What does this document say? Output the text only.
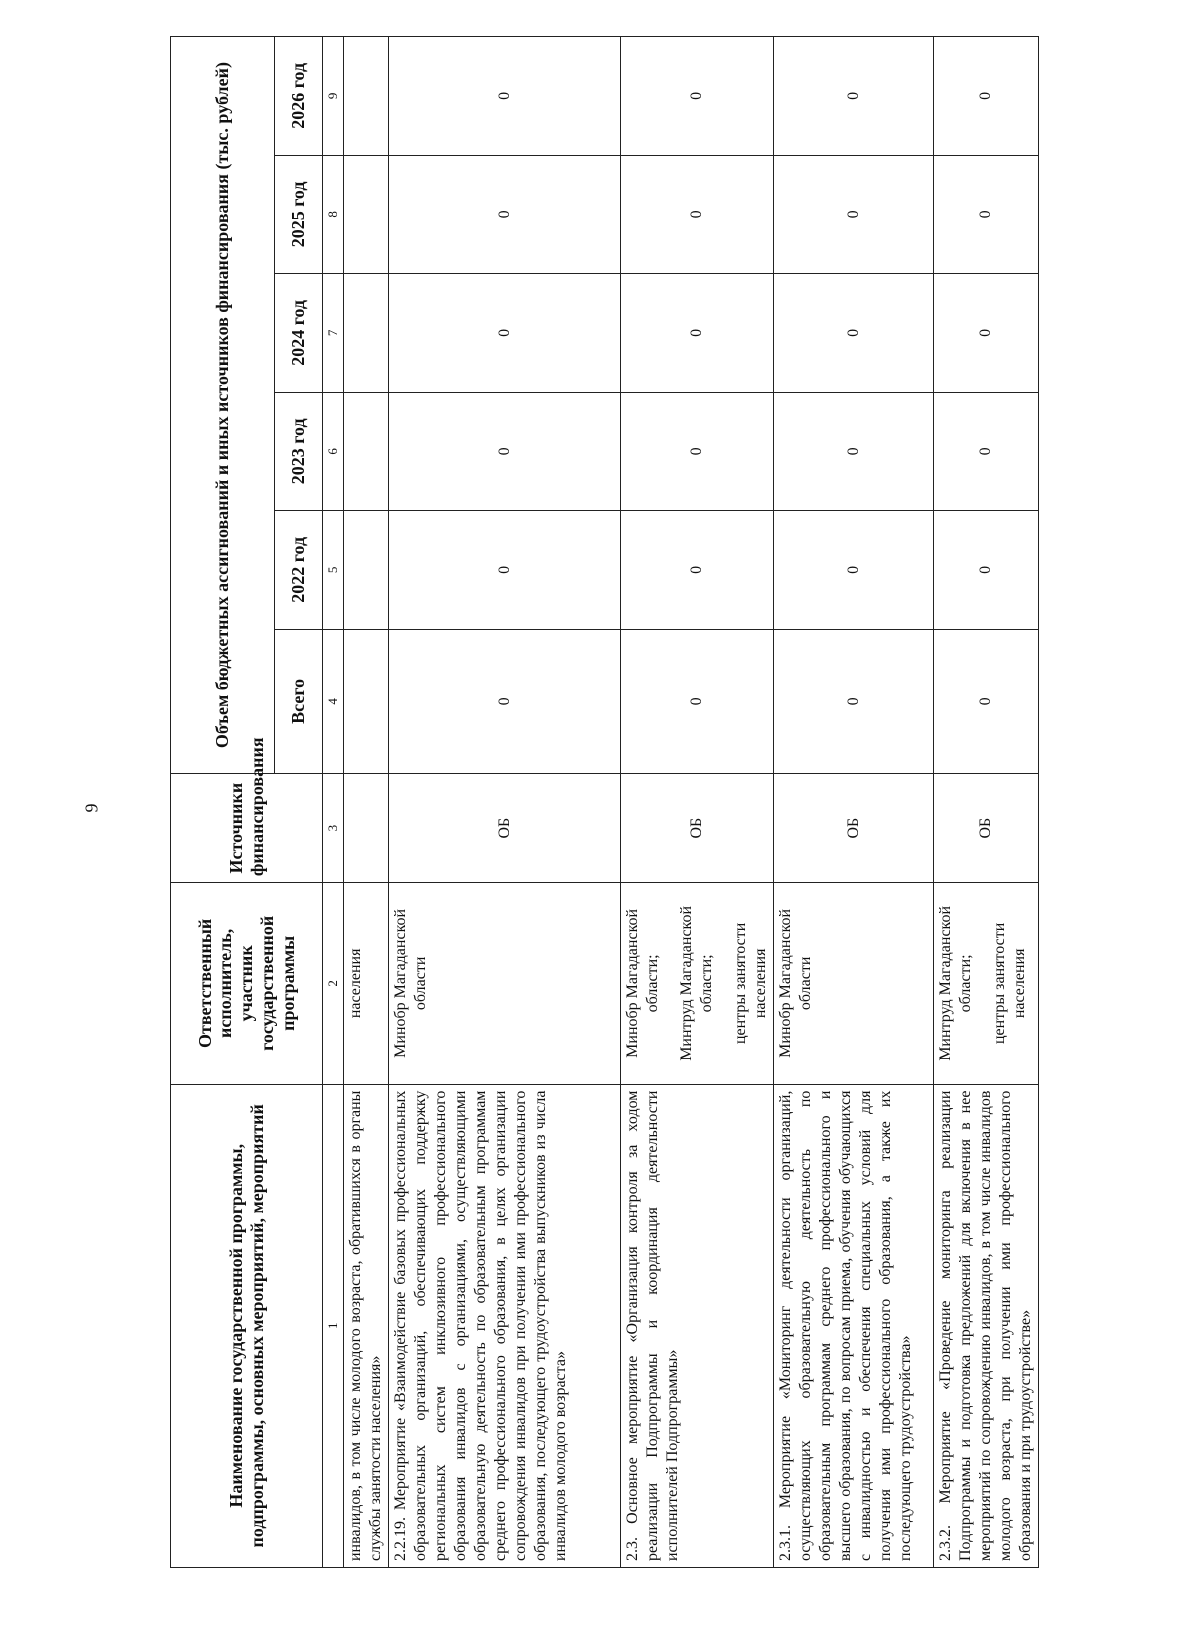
9
Наименование государственной программы, подпрограммы, основных мероприятий, мероприятий	Ответственный исполнитель, участник государственной программы	Источники финансирования	Объем бюджетных ассигнований и иных источников финансирования (тыс. рублей)					
			Всего	2022 год	2023 год	2024 год	2025 год	2026 год
1	2	3	4	5	6	7	8	9
инвалидов, в том числе молодого возраста, обратившихся в органы службы занятости населения»	населения							

2.2.19. Мероприятие «Взаимодействие базовых профессиональных образовательных организаций, обеспечивающих поддержку региональных систем инклюзивного профессионального образования инвалидов с организациями, осуществляющими образовательную деятельность по образовательным программам среднего профессионального образования, в целях организации сопровождения инвалидов при получении ими профессионального образования, последующего трудоустройства выпускников из числа инвалидов молодого возраста»	Минобр Магаданской области	ОБ	0	0	0	0	0	0
2.3. Основное мероприятие «Организация контроля за ходом реализации Подпрограммы и координация деятельности исполнителей Подпрограммы»	Минобр Магаданской области; Минтруд Магаданской области; центры занятости населения	ОБ	0	0	0	0	0	0
2.3.1. Мероприятие «Мониторинг деятельности организаций, осуществляющих образовательную деятельность по образовательным программам среднего профессионального и высшего образования, по вопросам приема, обучения обучающихся с инвалидностью и обеспечения специальных условий для получения ими профессионального образования, а также их последующего трудоустройства»	Минобр Магаданской области	ОБ	0	0	0	0	0	0
2.3.2. Мероприятие «Проведение мониторинга реализации Подпрограммы и подготовка предложений для включения в нее мероприятий по сопровождению инвалидов, в том числе инвалидов молодого возраста, при получении ими профессионального образования и при трудоустройстве»	Минтруд Магаданской области; центры занятости населения	ОБ	0	0	0	0	0	0
